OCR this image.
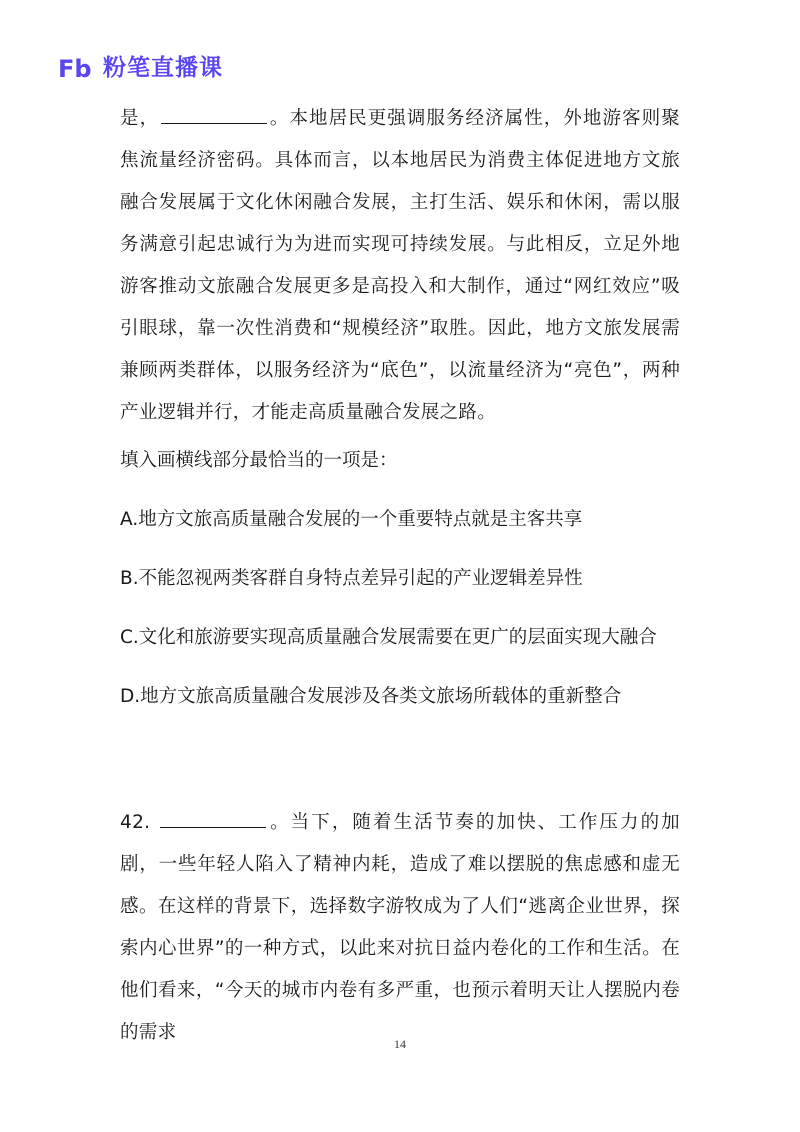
Fb 粉笔直播课

是，	。本地居民更强调服务经济属性，外地游客则聚焦流量经济密码。具体而言，以本地居民为消费主体促进地方文旅融合发展属于文化休闲融合发展，主打生活、娱乐和休闲，需以服务满意引起忠诚行为为进而实现可持续发展。与此相反，立足外地游客推动文旅融合发展更多是高投入和大制作，通过“网红效应”吸引眼球，靠一次性消费和“规模经济”取胜。因此，地方文旅发展需兼顾两类群体，以服务经济为“底色”，以流量经济为“亮色”，两种产业逻辑并行，才能走高质量融合发展之路。

填入画横线部分最恰当的一项是：

A.地方文旅高质量融合发展的一个重要特点就是主客共享

B.不能忽视两类客群自身特点差异引起的产业逻辑差异性

C.文化和旅游要实现高质量融合发展需要在更广的层面实现大融合

D.地方文旅高质量融合发展涉及各类文旅场所载体的重新整合

42.	。当下，随着生活节奏的加快、工作压力的加剧，一些年轻人陷入了精神内耗，造成了难以摆脱的焦虑感和虚无感。在这样的背景下，选择数字游牧成为了人们“逃离企业世界，探索内心世界”的一种方式，以此来对抗日益内卷化的工作和生活。在他们看来，“今天的城市内卷有多严重，也预示着明天让人摆脱内卷的需求

14
